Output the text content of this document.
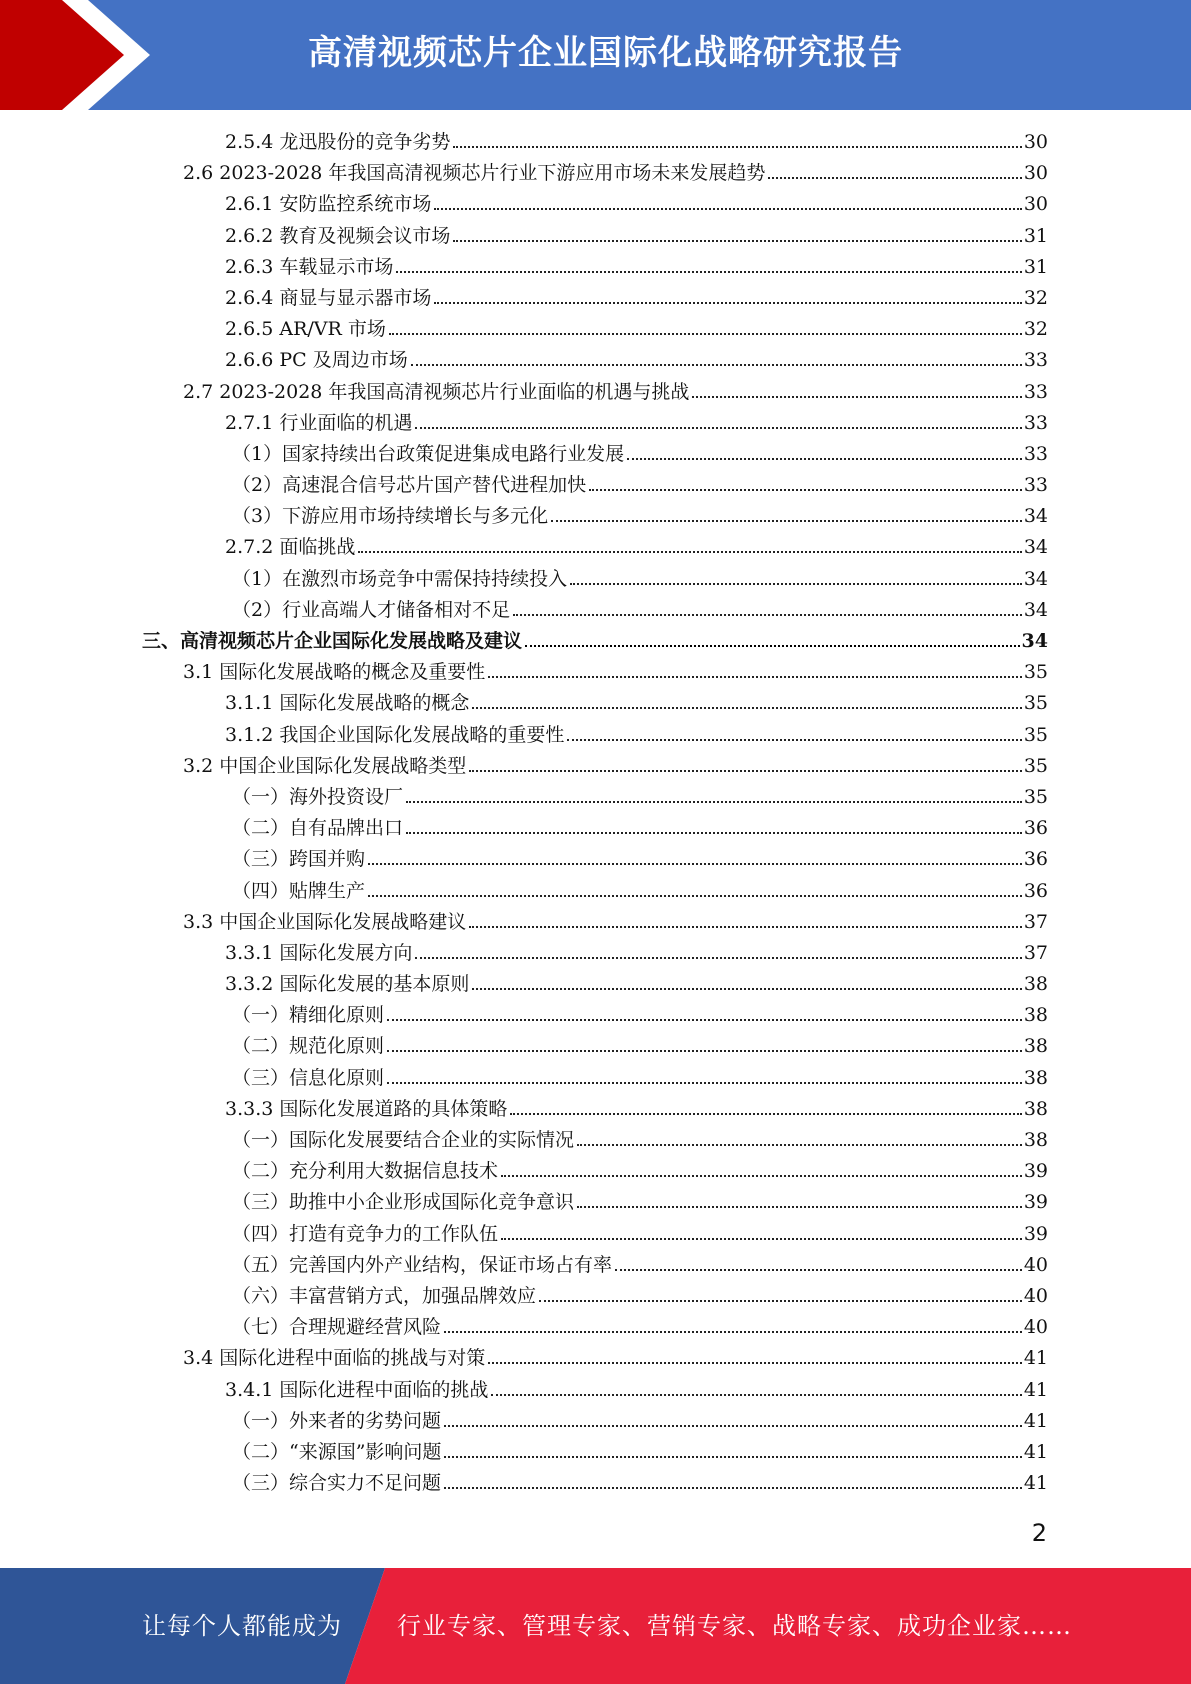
高清视频芯片企业国际化战略研究报告
2.5.4 龙迅股份的竞争劣势	30
2.6 2023-2028 年我国高清视频芯片行业下游应用市场未来发展趋势	30
2.6.1 安防监控系统市场	30
2.6.2 教育及视频会议市场	31
2.6.3 车载显示市场	31
2.6.4 商显与显示器市场	32
2.6.5 AR/VR 市场	32
2.6.6 PC 及周边市场	33
2.7 2023-2028 年我国高清视频芯片行业面临的机遇与挑战	33
2.7.1 行业面临的机遇	33
（1）国家持续出台政策促进集成电路行业发展	33
（2）高速混合信号芯片国产替代进程加快	33
（3）下游应用市场持续增长与多元化	34
2.7.2 面临挑战	34
（1）在激烈市场竞争中需保持持续投入	34
（2）行业高端人才储备相对不足	34
三、高清视频芯片企业国际化发展战略及建议	34
3.1 国际化发展战略的概念及重要性	35
3.1.1 国际化发展战略的概念	35
3.1.2 我国企业国际化发展战略的重要性	35
3.2 中国企业国际化发展战略类型	35
（一）海外投资设厂	35
（二）自有品牌出口	36
（三）跨国并购	36
（四）贴牌生产	36
3.3 中国企业国际化发展战略建议	37
3.3.1 国际化发展方向	37
3.3.2 国际化发展的基本原则	38
（一）精细化原则	38
（二）规范化原则	38
（三）信息化原则	38
3.3.3 国际化发展道路的具体策略	38
（一）国际化发展要结合企业的实际情况	38
（二）充分利用大数据信息技术	39
（三）助推中小企业形成国际化竞争意识	39
（四）打造有竞争力的工作队伍	39
（五）完善国内外产业结构，保证市场占有率	40
（六）丰富营销方式，加强品牌效应	40
（七）合理规避经营风险	40
3.4 国际化进程中面临的挑战与对策	41
3.4.1 国际化进程中面临的挑战	41
（一）外来者的劣势问题	41
（二）“来源国”影响问题	41
（三）综合实力不足问题	41
2
让每个人都能成为 行业专家、管理专家、营销专家、战略专家、成功企业家……
